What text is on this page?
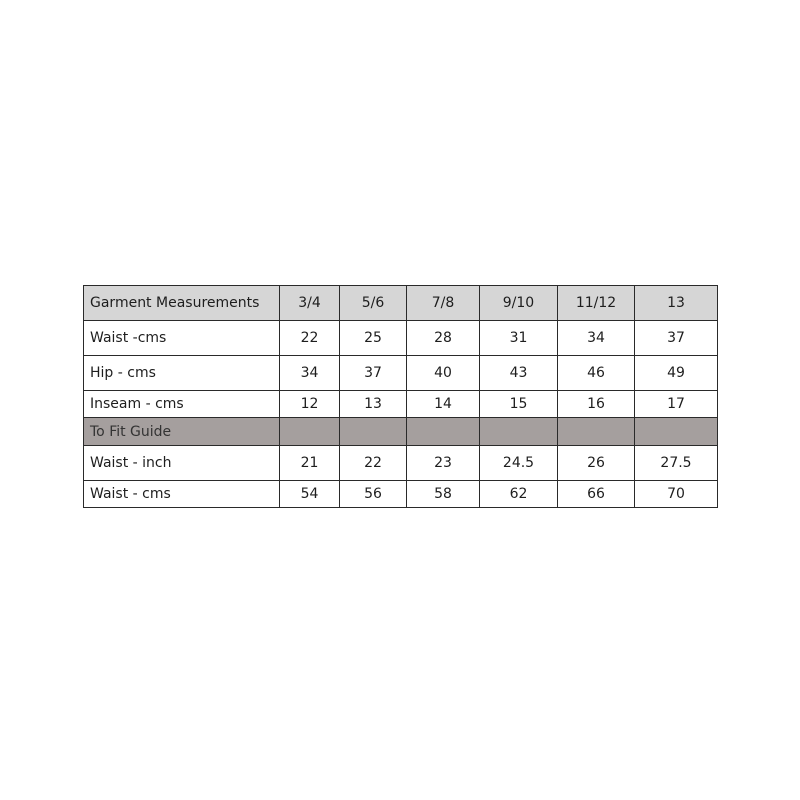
Garment Measurements	3/4	5/6	7/8	9/10	11/12	13
Waist -cms	22	25	28	31	34	37
Hip - cms	34	37	40	43	46	49
Inseam - cms	12	13	14	15	16	17
To Fit Guide						
Waist - inch	21	22	23	24.5	26	27.5
Waist - cms	54	56	58	62	66	70
